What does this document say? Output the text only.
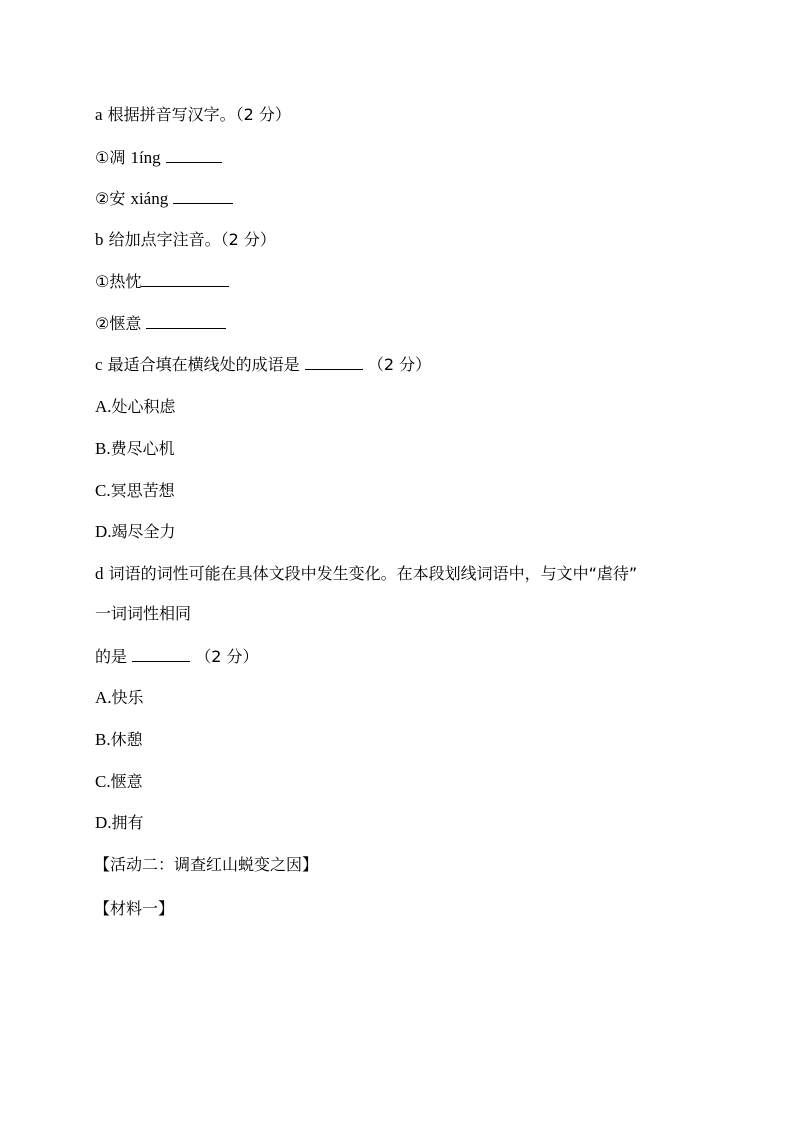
a 根据拼音写汉字。（2 分）
①凋 1íng
②安 xiáng
b 给加点字注音。（2 分）
①热忱
②惬意
c 最适合填在横线处的成语是	（2 分）
A.处心积虑
B.费尽心机
C.冥思苦想
D.竭尽全力
d 词语的词性可能在具体文段中发生变化。在本段划线词语中，与文中“虐待”
一词词性相同
的是	（2 分）
A.快乐
B.休憩
C.惬意
D.拥有
【活动二：调查红山蜕变之因】
【材料一】
